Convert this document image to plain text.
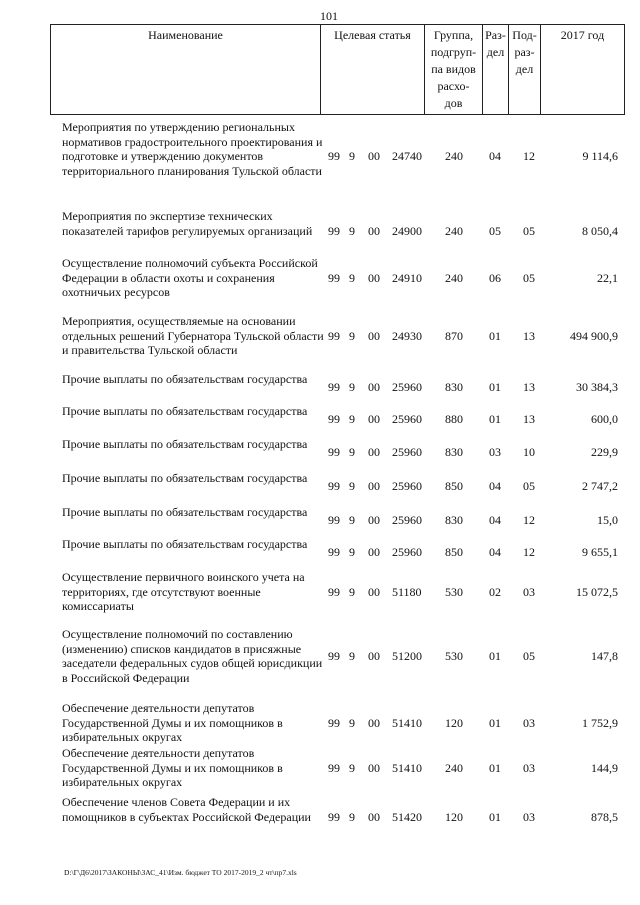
101
Наименование	Целевая статья	Группа,
подгруп-
па видов
расхо-
дов	Раз-
дел	Под-
раз-
дел	2017 год
Мероприятия по утверждению региональных нормативов градостроительного проектирования и подготовке и утверждению документов территориального планирования Тульской области
99 9 00 24740	240	04	12	9 114,6
Мероприятия по экспертизе технических показателей тарифов регулируемых организаций	99 9 00 24900	240	05	05	8 050,4
Осуществление полномочий субъекта Российской Федерации в области охоты и сохранения охотничьих ресурсов
99 9 00 24910	240	06	05	22,1
Мероприятия, осуществляемые на основании отдельных решений Губернатора Тульской области и правительства Тульской области
99 9 00 24930	870	01	13	494 900,9
Прочие выплаты по обязательствам государства
99 9 00 25960	830	01	13	30 384,3
Прочие выплаты по обязательствам государства
99 9 00 25960	880	01	13	600,0
Прочие выплаты по обязательствам государства
99 9 00 25960	830	03	10	229,9
Прочие выплаты по обязательствам государства
99 9 00 25960	850	04	05	2 747,2
Прочие выплаты по обязательствам государства
99 9 00 25960	830	04	12	15,0
Прочие выплаты по обязательствам государства
99 9 00 25960	850	04	12	9 655,1
Осуществление первичного воинского учета на территориях, где отсутствуют военные комиссариаты
99 9 00 51180	530	02	03	15 072,5
Осуществление полномочий по составлению (изменению) списков кандидатов в присяжные заседатели федеральных судов общей юрисдикции в Российской Федерации
99 9 00 51200	530	01	05	147,8
Обеспечение деятельности депутатов Государственной Думы и их помощников в избирательных округах
99 9 00 51410	120	01	03	1 752,9
Обеспечение деятельности депутатов Государственной Думы и их помощников в избирательных округах
99 9 00 51410	240	01	03	144,9
Обеспечение членов Совета Федерации и их помощников в субъектах Российской Федерации	99 9 00 51420	120	01	03	878,5
D:\Г\Д6\2017\ЗАКОНЫ\ЗАС_41\Изм. бюджет ТО 2017-2019_2 чт\пр7.xls
